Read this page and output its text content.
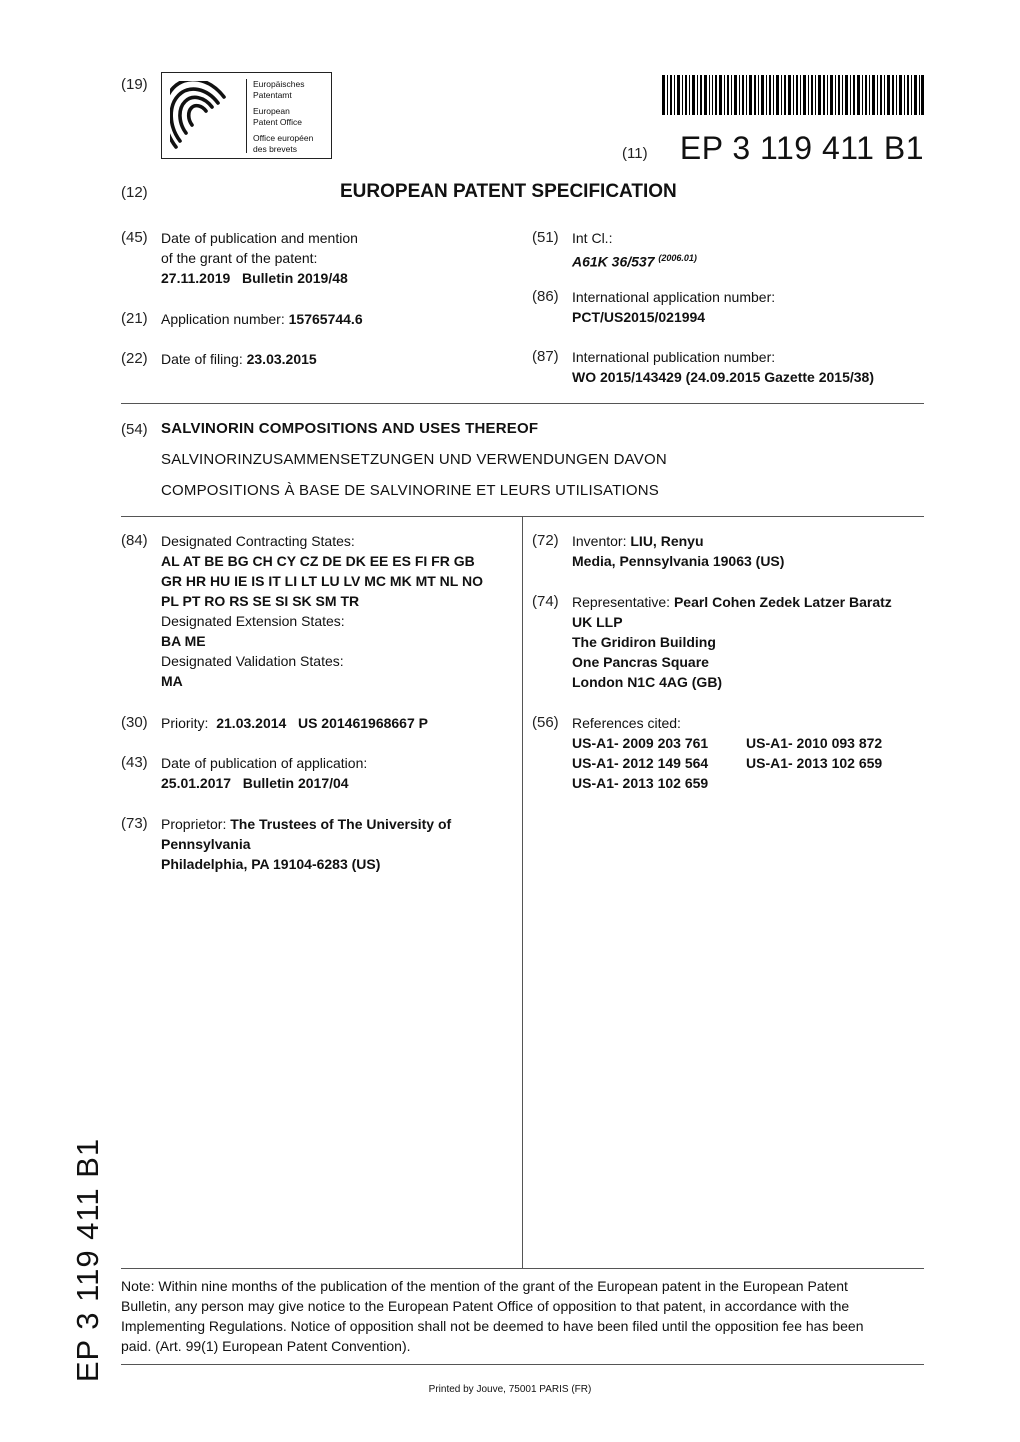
(19)	Europäisches
Patentamt
European
Patent Office
Office européen
des brevets	(11) EP 3 119 411 B1
(12)	EUROPEAN PATENT SPECIFICATION
(45) Date of publication and mention
of the grant of the patent:
27.11.2019 Bulletin 2019/48
(21) Application number: 15765744.6
(22) Date of filing: 23.03.2015
(51) Int Cl.:
A61K 36/537 $^{(2006.01)}$
(86) International application number:
PCT/US2015/021994
(87) International publication number:
WO 2015/143429 (24.09.2015 Gazette 2015/38)
(54) SALVINORIN COMPOSITIONS AND USES THEREOF
SALVINORINZUSAMMENSETZUNGEN UND VERWENDUNGEN DAVON
COMPOSITIONS À BASE DE SALVINORINE ET LEURS UTILISATIONS
(84) Designated Contracting States:
AL AT BE BG CH CY CZ DE DK EE ES FI FR GB
GR HR HU IE IS IT LI LT LU LV MC MK MT NL NO
PL PT RO RS SE SI SK SM TR
Designated Extension States:
BA ME
Designated Validation States:
MA
(30) Priority:  21.03.2014   US 201461968667 P
(43) Date of publication of application:
25.01.2017 Bulletin 2017/04
(73) Proprietor: The Trustees of The University of
Pennsylvania
Philadelphia, PA 19104-6283 (US)
(72) Inventor: LIU, Renyu
Media, Pennsylvania 19063 (US)
(74) Representative: Pearl Cohen Zedek Latzer Baratz
UK LLP
The Gridiron Building
One Pancras Square
London N1C 4AG (GB)
(56) References cited:
US-A1- 2009 203 761	US-A1- 2010 093 872
US-A1- 2012 149 564	US-A1- 2013 102 659
US-A1- 2013 102 659
EP 3 119 411 B1 Note: Within nine months of the publication of the mention of the grant of the European patent in the European Patent
Bulletin, any person may give notice to the European Patent Office of opposition to that patent, in accordance with the
Implementing Regulations. Notice of opposition shall not be deemed to have been filed until the opposition fee has been
paid. (Art. 99(1) European Patent Convention).
Printed by Jouve, 75001 PARIS (FR)
